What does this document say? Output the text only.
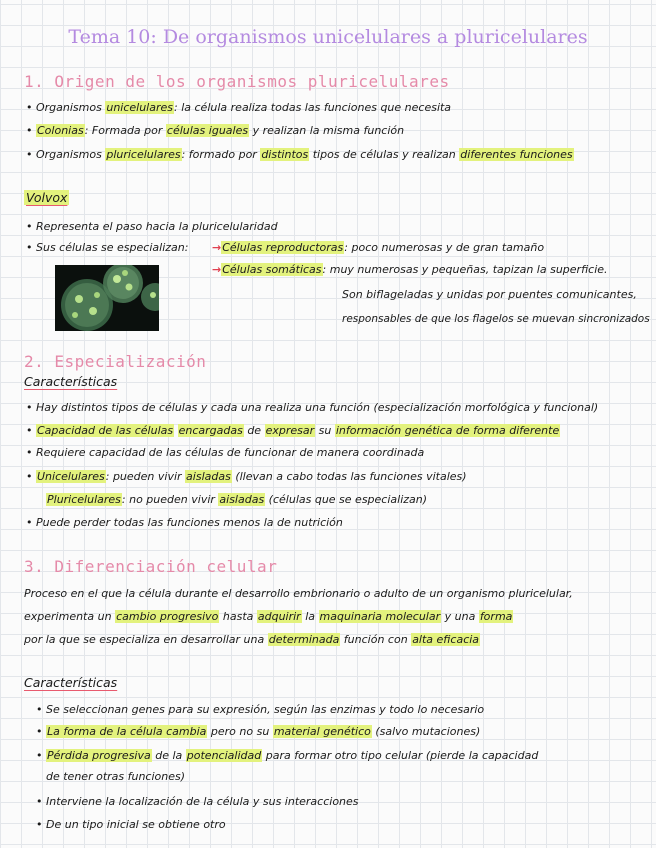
Tema 10: De organismos unicelulares a pluricelulares
1. Origen de los organismos pluricelulares
• Organismos unicelulares: la célula realiza todas las funciones que necesita
• Colonias: Formada por células iguales y realizan la misma función
• Organismos pluricelulares: formado por distintos tipos de células y realizan diferentes funciones
Volvox
• Representa el paso hacia la pluricelularidad
• Sus células se especializan: →Células reproductoras: poco numerosas y de gran tamaño
→Células somáticas: muy numerosas y pequeñas, tapizan la superficie.
Son biflageladas y unidas por puentes comunicantes,
responsables de que los flagelos se muevan sincronizados
2. Especialización
Características
• Hay distintos tipos de células y cada una realiza una función (especialización morfológica y funcional)
• Capacidad de las células encargadas de expresar su información genética de forma diferente
• Requiere capacidad de las células de funcionar de manera coordinada
• Unicelulares: pueden vivir aisladas (llevan a cabo todas las funciones vitales)
Pluricelulares: no pueden vivir aisladas (células que se especializan)
• Puede perder todas las funciones menos la de nutrición
3. Diferenciación celular
Proceso en el que la célula durante el desarrollo embrionario o adulto de un organismo pluricelular,
experimenta un cambio progresivo hasta adquirir la maquinaria molecular y una forma
por la que se especializa en desarrollar una determinada función con alta eficacia
Características
• Se seleccionan genes para su expresión, según las enzimas y todo lo necesario
• La forma de la célula cambia pero no su material genético (salvo mutaciones)
• Pérdida progresiva de la potencialidad para formar otro tipo celular (pierde la capacidad
de tener otras funciones)
• Interviene la localización de la célula y sus interacciones
• De un tipo inicial se obtiene otro
